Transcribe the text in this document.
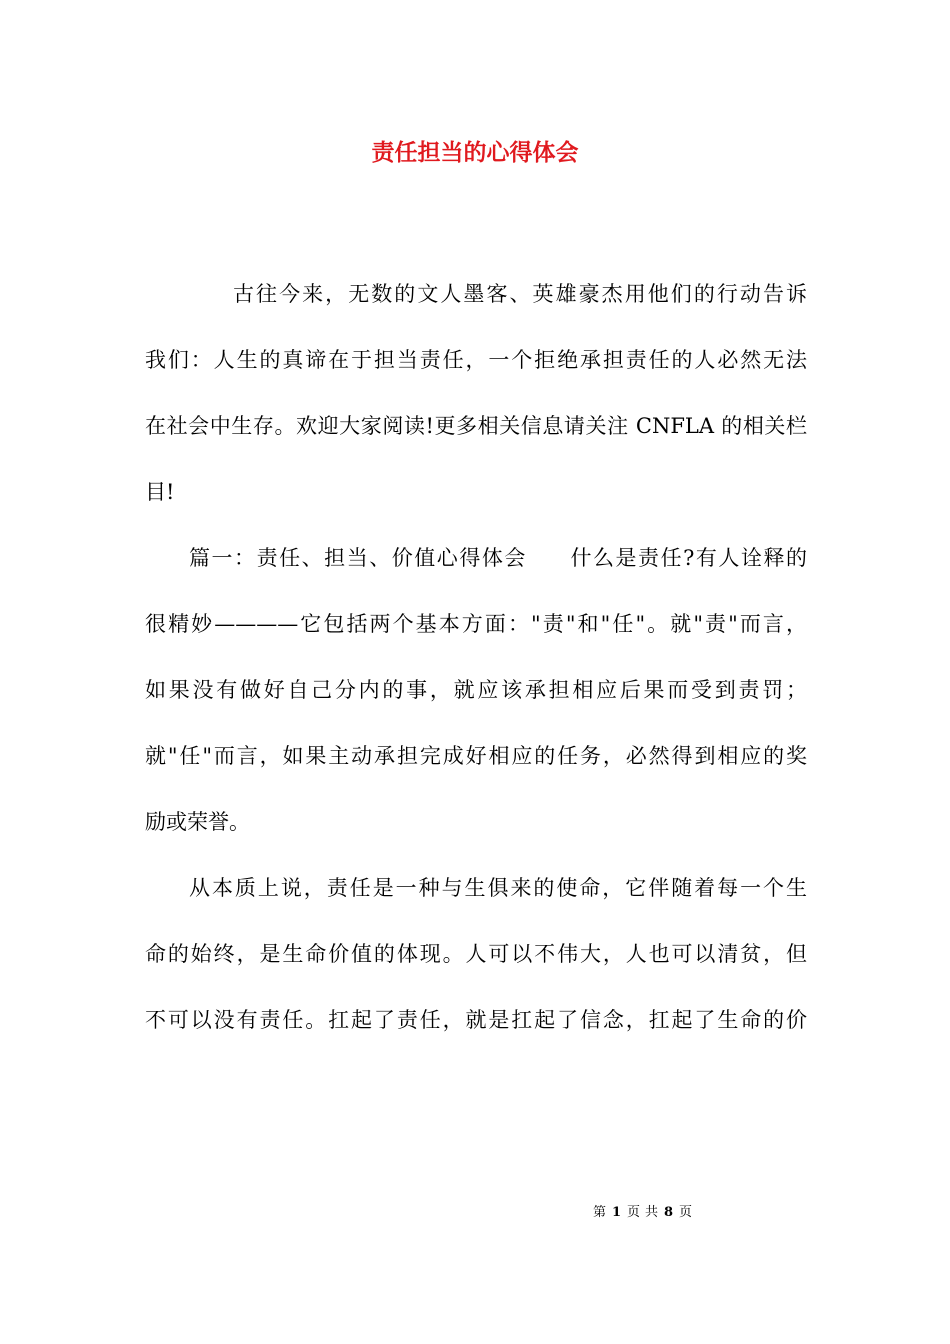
责任担当的心得体会
古往今来，无数的文人墨客、英雄豪杰用他们的行动告诉
我们：人生的真谛在于担当责任，一个拒绝承担责任的人必然无法
在社会中生存。欢迎大家阅读!更多相关信息请关注 CNFLA 的相关栏
目!
篇一：责任、担当、价值心得体会 什么是责任?有人诠释的
很精妙————它包括两个基本方面："责"和"任"。就"责"而言，
如果没有做好自己分内的事，就应该承担相应后果而受到责罚；
就"任"而言，如果主动承担完成好相应的任务，必然得到相应的奖
励或荣誉。
从本质上说，责任是一种与生俱来的使命，它伴随着每一个生
命的始终，是生命价值的体现。人可以不伟大，人也可以清贫，但
不可以没有责任。扛起了责任，就是扛起了信念，扛起了生命的价
第 1 页 共 8 页
